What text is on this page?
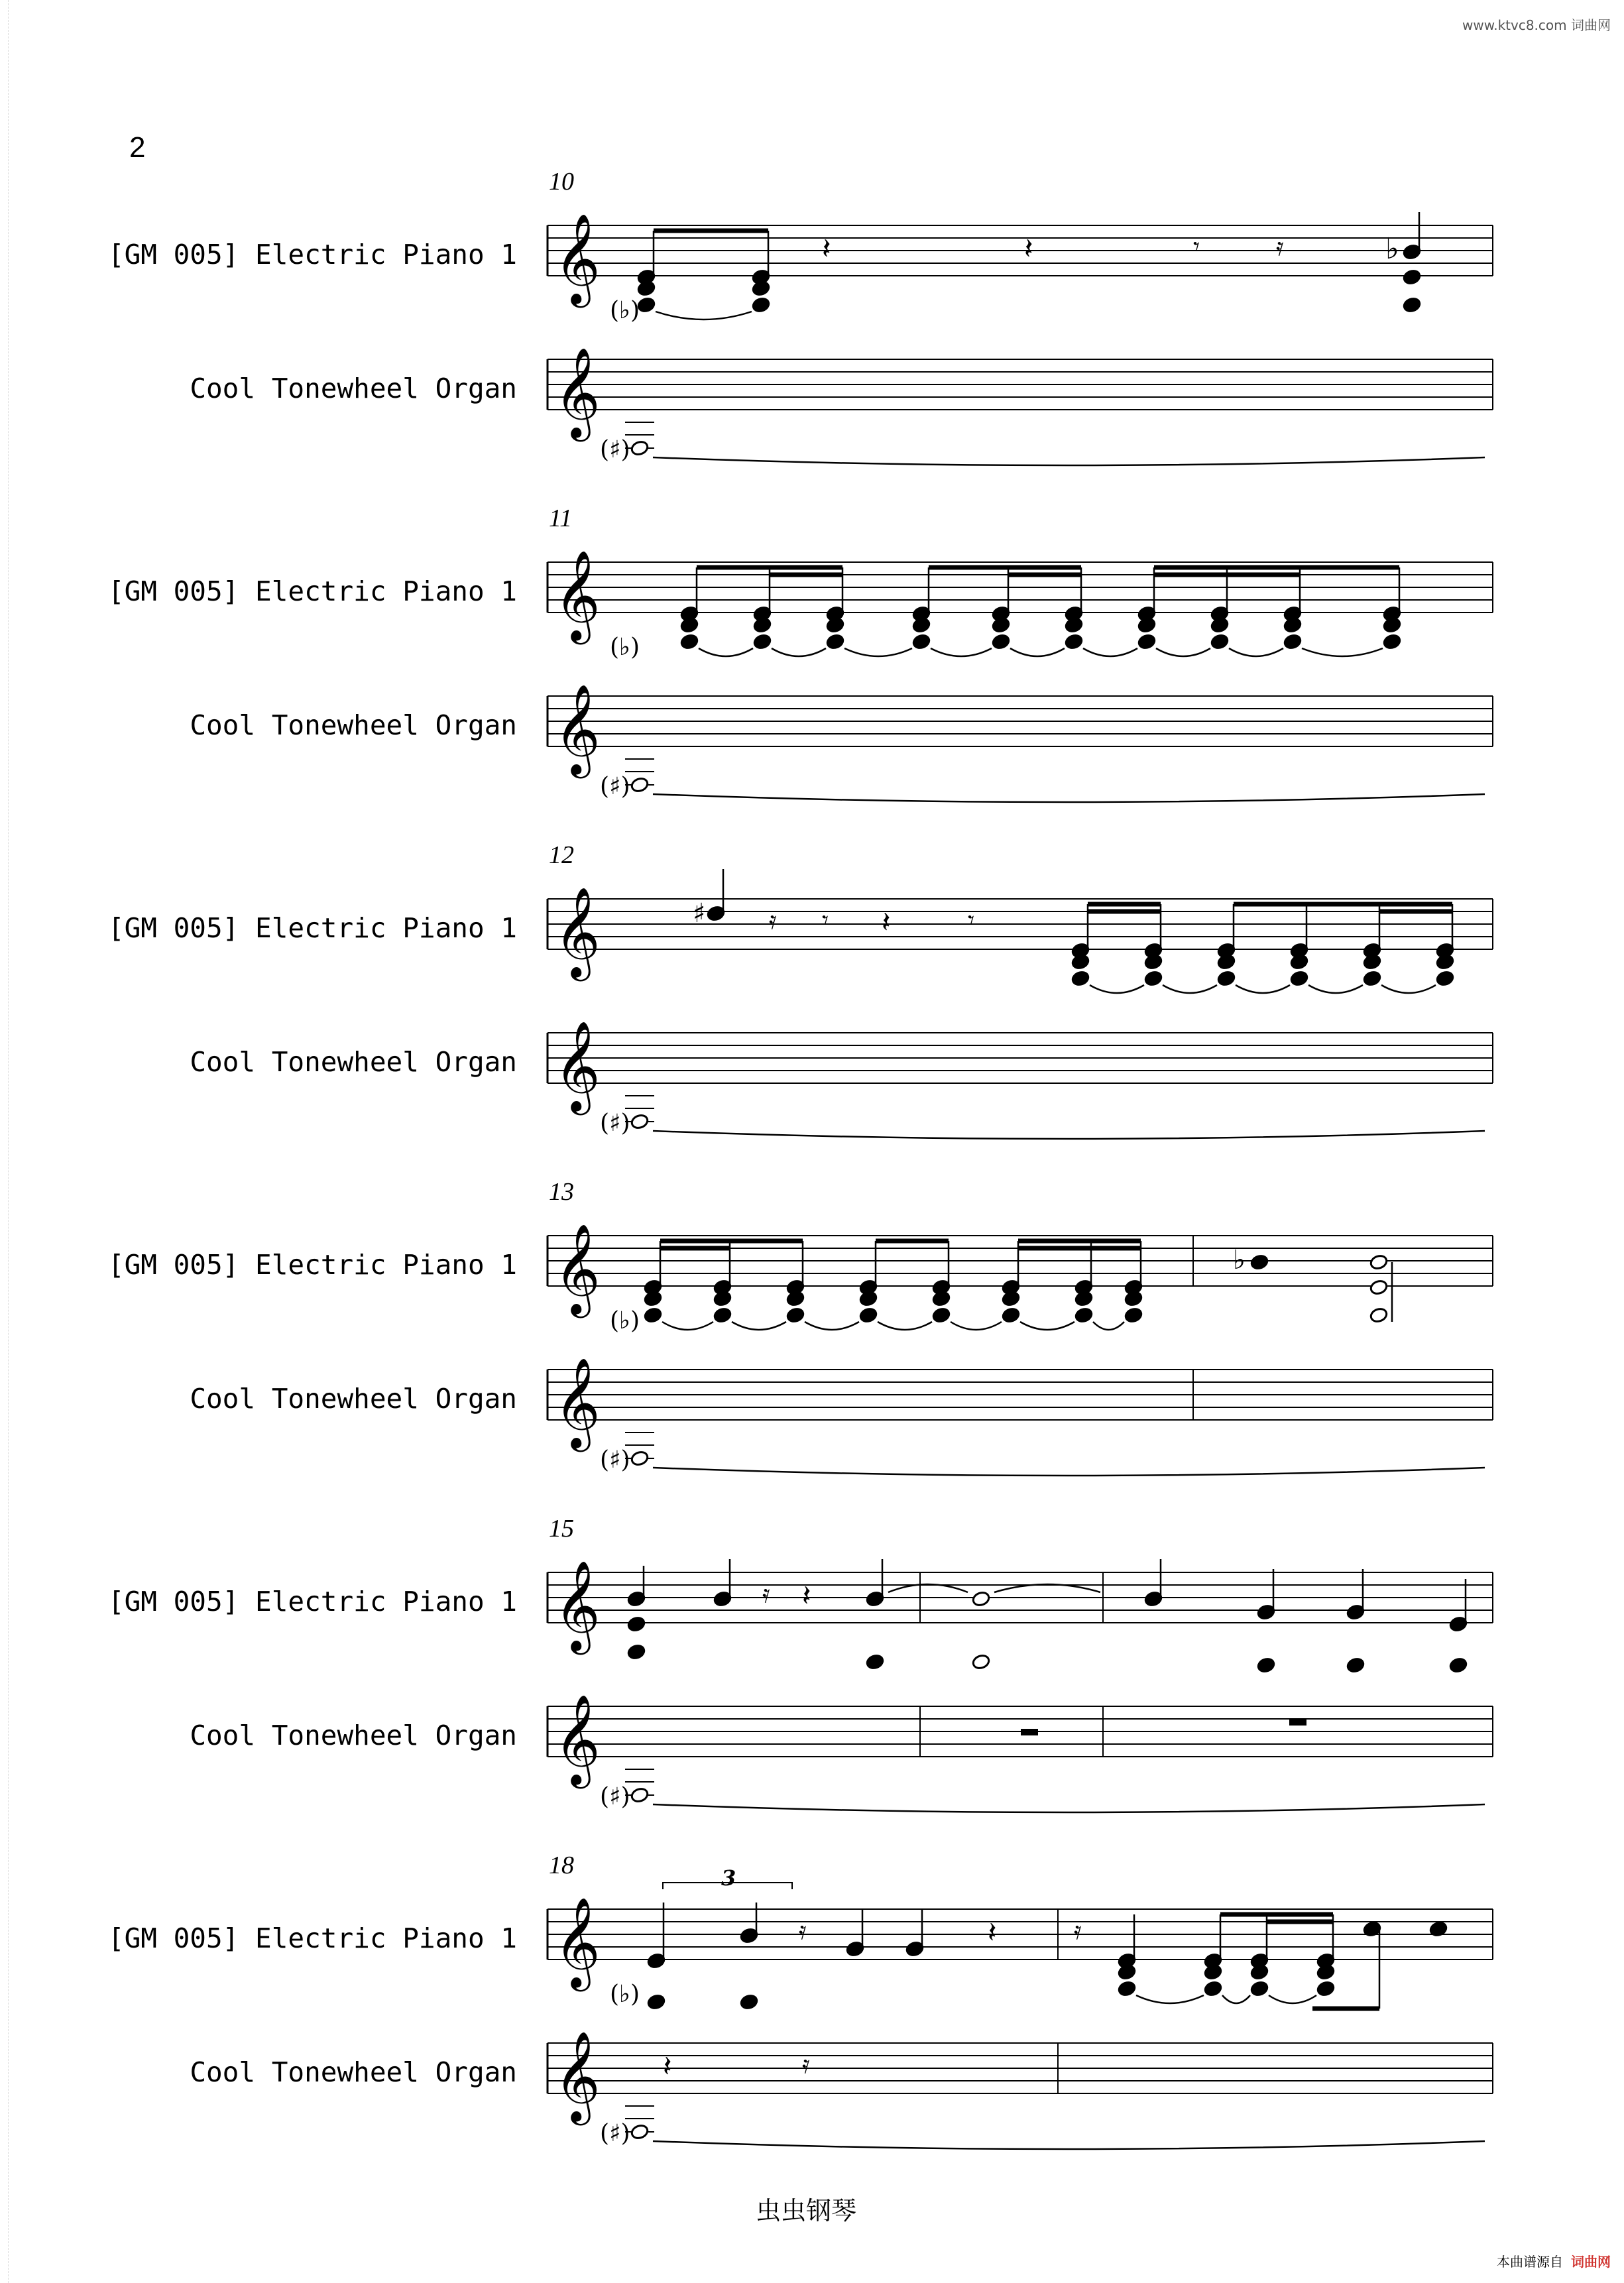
2
www.ktvc8.com 词曲网
[GM 005] Electric Piano 1
Cool Tonewheel Organ
[GM 005] Electric Piano 1
Cool Tonewheel Organ
[GM 005] Electric Piano 1
Cool Tonewheel Organ
[GM 005] Electric Piano 1
Cool Tonewheel Organ
[GM 005] Electric Piano 1
Cool Tonewheel Organ
[GM 005] Electric Piano 1
Cool Tonewheel Organ
10
11
12
13
15
18
𝄞
𝄞
(♯)
𝄞
𝄞
(♯)
𝄞
𝄞
(♯)
𝄞
𝄞
(♯)
𝄞
𝄞
(♯)
𝄞
𝄞
(♯)
𝄽	𝄽	𝄾	𝄿	♭
(♭)
(♭)
♯	𝄿 𝄾 𝄽	𝄾
(♭)
♭
𝄿 𝄽
3
𝄿	𝄽	𝄿
(♭)
𝄽	𝄿
虫虫钢琴
本曲谱源自 词曲网
